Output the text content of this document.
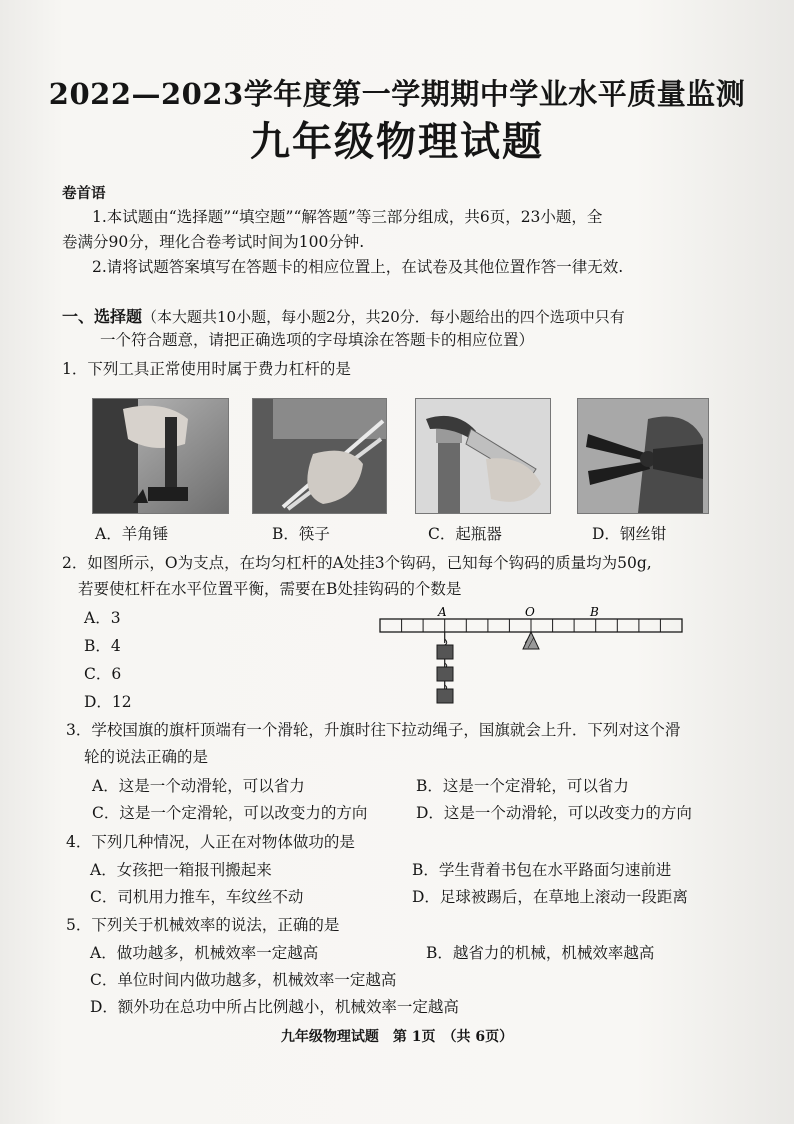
2022—2023学年度第一学期期中学业水平质量监测
九年级物理试题
卷首语
1.本试题由“选择题”“填空题”“解答题”等三部分组成，共6页，23小题，全
卷满分90分，理化合卷考试时间为100分钟.
2.请将试题答案填写在答题卡的相应位置上，在试卷及其他位置作答一律无效.
一、选择题（本大题共10小题，每小题2分，共20分．每小题给出的四个选项中只有
一个符合题意，请把正确选项的字母填涂在答题卡的相应位置）
1．下列工具正常使用时属于费力杠杆的是
A．羊角锤	B．筷子	C．起瓶器	D．钢丝钳
2．如图所示，O为支点，在均匀杠杆的A处挂3个钩码，已知每个钩码的质量均为50g,
若要使杠杆在水平位置平衡，需要在B处挂钩码的个数是
A．3
B．4
C．6
D．12
A	O	B
3．学校国旗的旗杆顶端有一个滑轮，升旗时往下拉动绳子，国旗就会上升．下列对这个滑
轮的说法正确的是
A．这是一个动滑轮，可以省力	B．这是一个定滑轮，可以省力
C．这是一个定滑轮，可以改变力的方向	D．这是一个动滑轮，可以改变力的方向
4．下列几种情况，人正在对物体做功的是
A．女孩把一箱报刊搬起来	B．学生背着书包在水平路面匀速前进
C．司机用力推车，车纹丝不动	D．足球被踢后，在草地上滚动一段距离
5．下列关于机械效率的说法，正确的是
A．做功越多，机械效率一定越高	B．越省力的机械，机械效率越高
C．单位时间内做功越多，机械效率一定越高
D．额外功在总功中所占比例越小，机械效率一定越高
九年级物理试题　第 1页　（共 6页）
